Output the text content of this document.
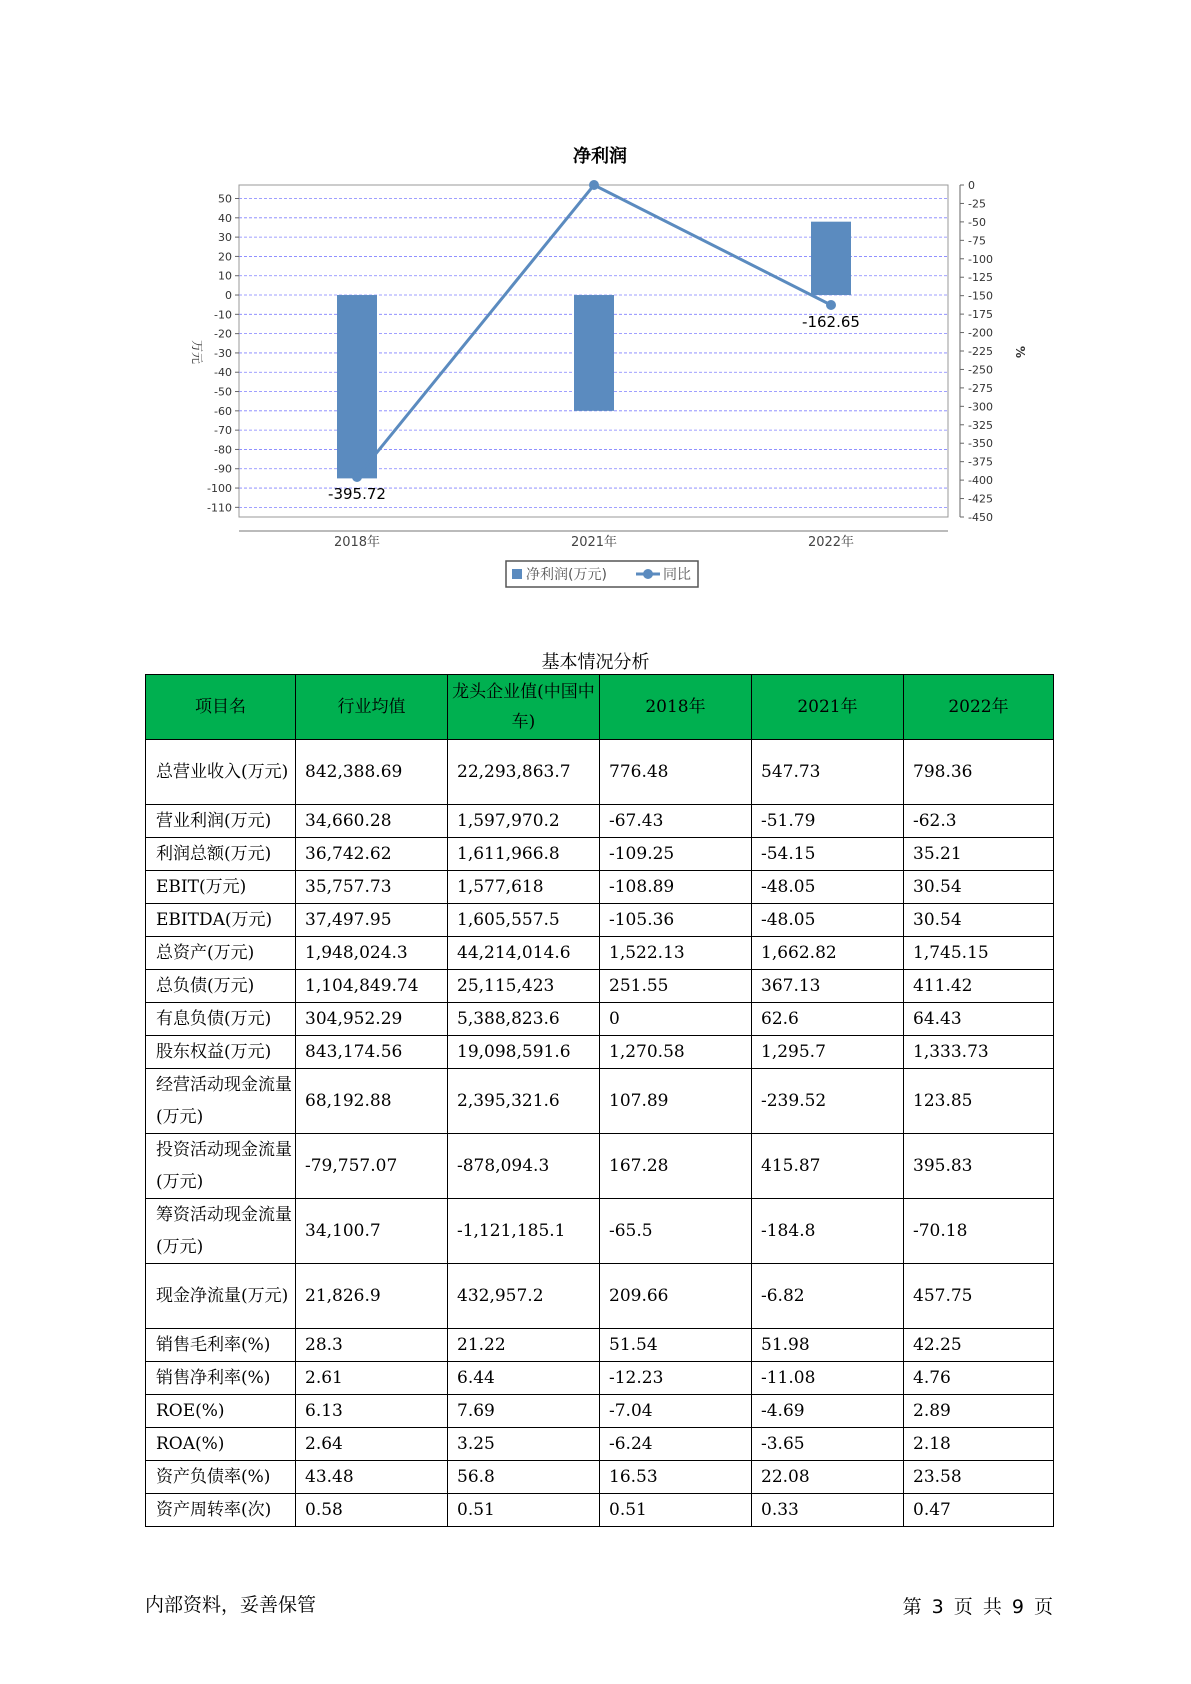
净利润
50
40
30
20
10
0
-10
-20
-30
-40
-50
-60
-70
-80
-90
-100
-110
0
-25
-50
-75
-100
-125
-150
-175
-200
-225
-250
-275
-300
-325
-350
-375
-400
-425
-450
万元	%
2018年	2021年	2022年
-395.72
-162.65
净利润(万元)	同比
基本情况分析
项目名	行业均值	龙头企业值(中国中车)	2018年	2021年	2022年
总营业收入(万元)	842,388.69	22,293,863.7	776.48	547.73	798.36
营业利润(万元)	34,660.28	1,597,970.2	-67.43	-51.79	-62.3
利润总额(万元)	36,742.62	1,611,966.8	-109.25	-54.15	35.21
EBIT(万元)	35,757.73	1,577,618	-108.89	-48.05	30.54
EBITDA(万元)	37,497.95	1,605,557.5	-105.36	-48.05	30.54
总资产(万元)	1,948,024.3	44,214,014.6	1,522.13	1,662.82	1,745.15
总负债(万元)	1,104,849.74	25,115,423	251.55	367.13	411.42
有息负债(万元)	304,952.29	5,388,823.6	0	62.6	64.43
股东权益(万元)	843,174.56	19,098,591.6	1,270.58	1,295.7	1,333.73
经营活动现金流量(万元)	68,192.88	2,395,321.6	107.89	-239.52	123.85
投资活动现金流量(万元)	-79,757.07	-878,094.3	167.28	415.87	395.83
筹资活动现金流量(万元)	34,100.7	-1,121,185.1	-65.5	-184.8	-70.18
现金净流量(万元)	21,826.9	432,957.2	209.66	-6.82	457.75
销售毛利率(%)	28.3	21.22	51.54	51.98	42.25
销售净利率(%)	2.61	6.44	-12.23	-11.08	4.76
ROE(%)	6.13	7.69	-7.04	-4.69	2.89
ROA(%)	2.64	3.25	-6.24	-3.65	2.18
资产负债率(%)	43.48	56.8	16.53	22.08	23.58
资产周转率(次)	0.58	0.51	0.51	0.33	0.47
内部资料，妥善保管	第 3 页 共 9 页
